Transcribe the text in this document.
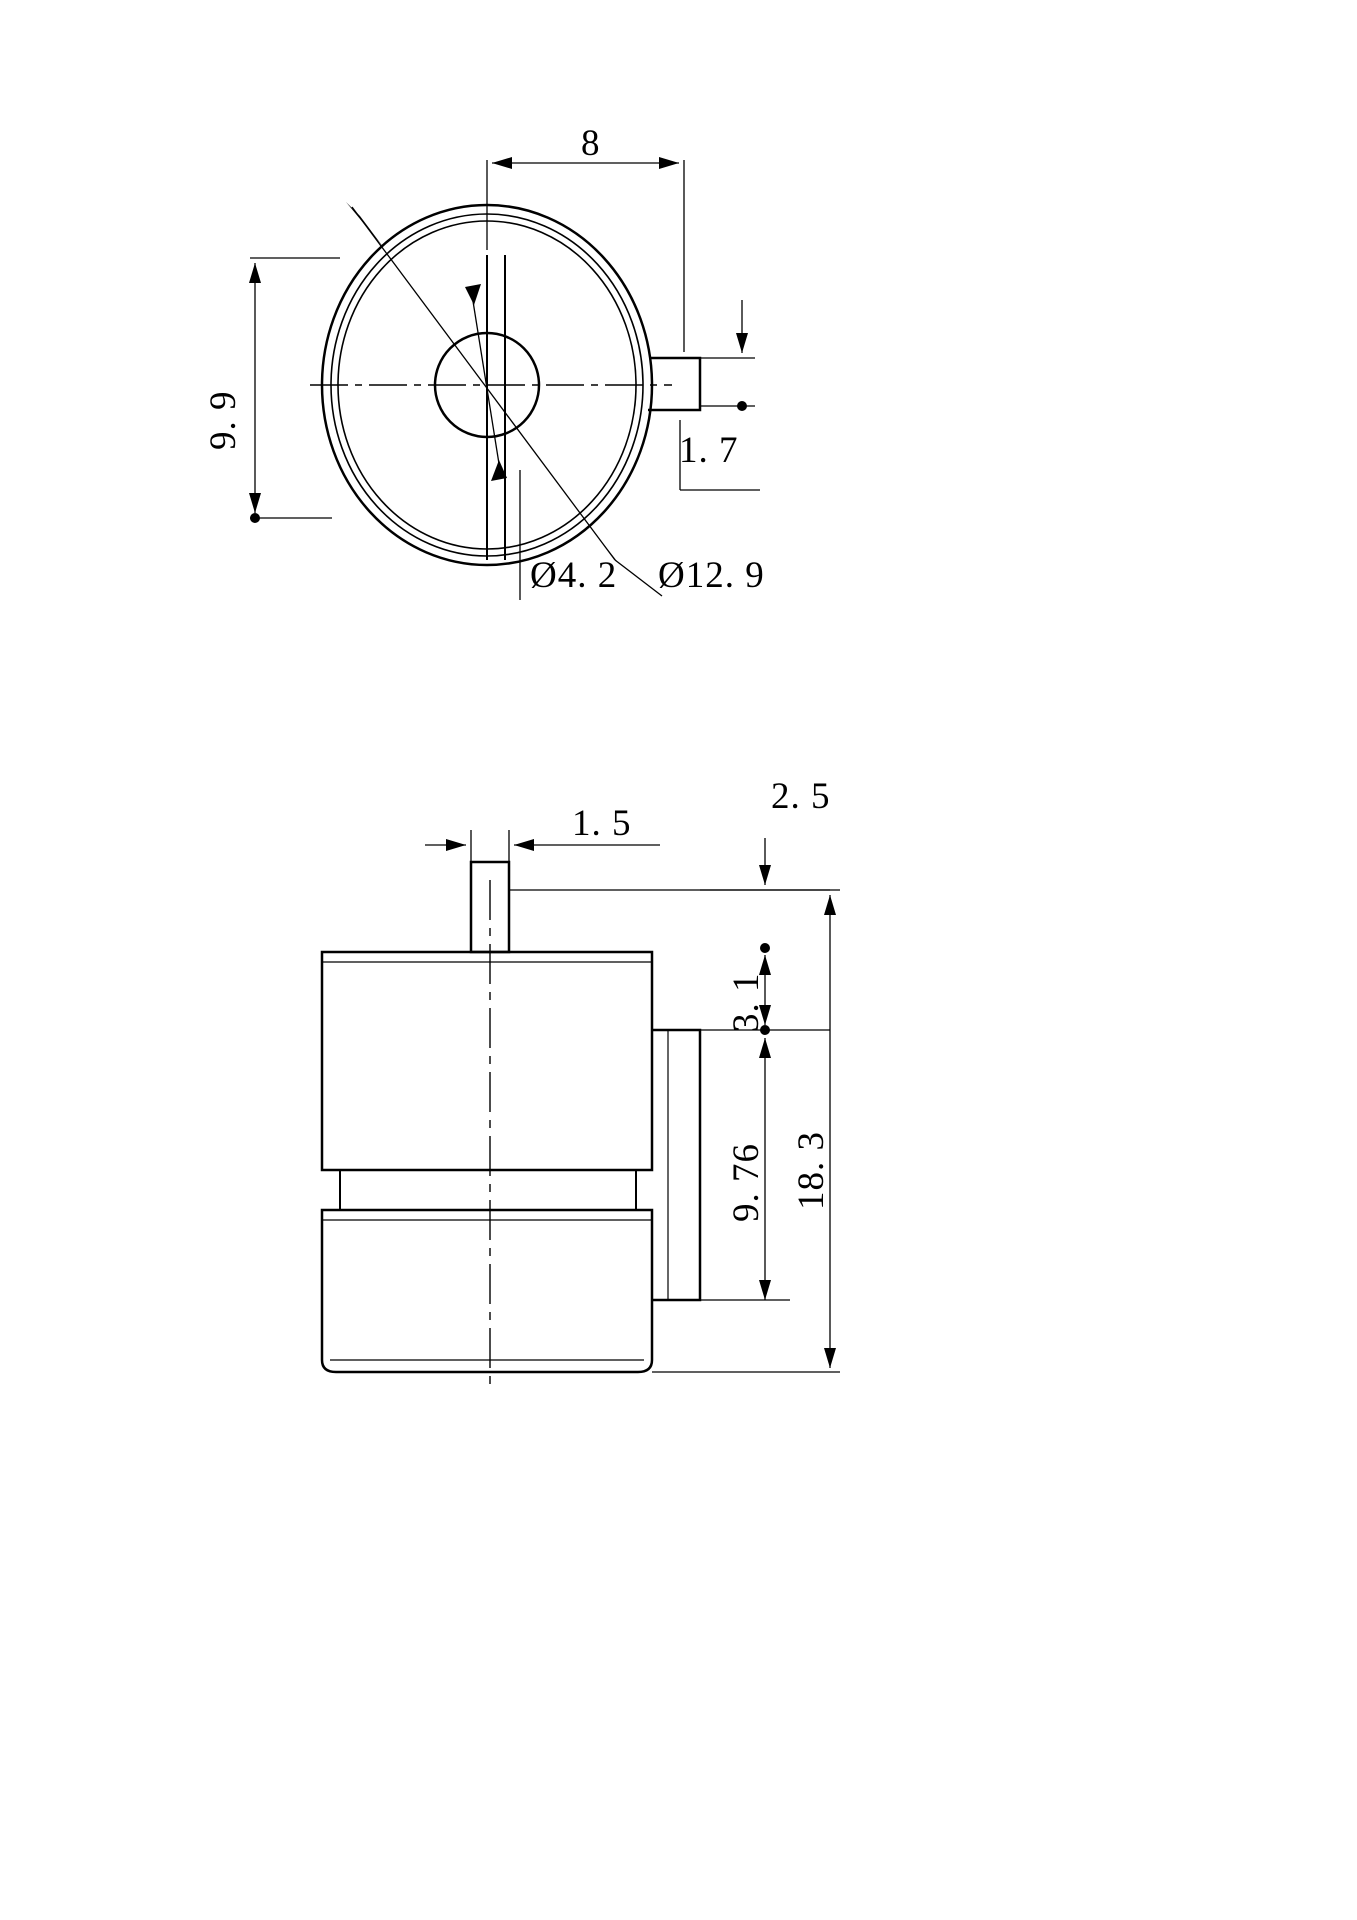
8
9. 9
1. 7
Ø4. 2 Ø12. 9
1. 5
2. 5
3. 1
9. 76 18. 3
